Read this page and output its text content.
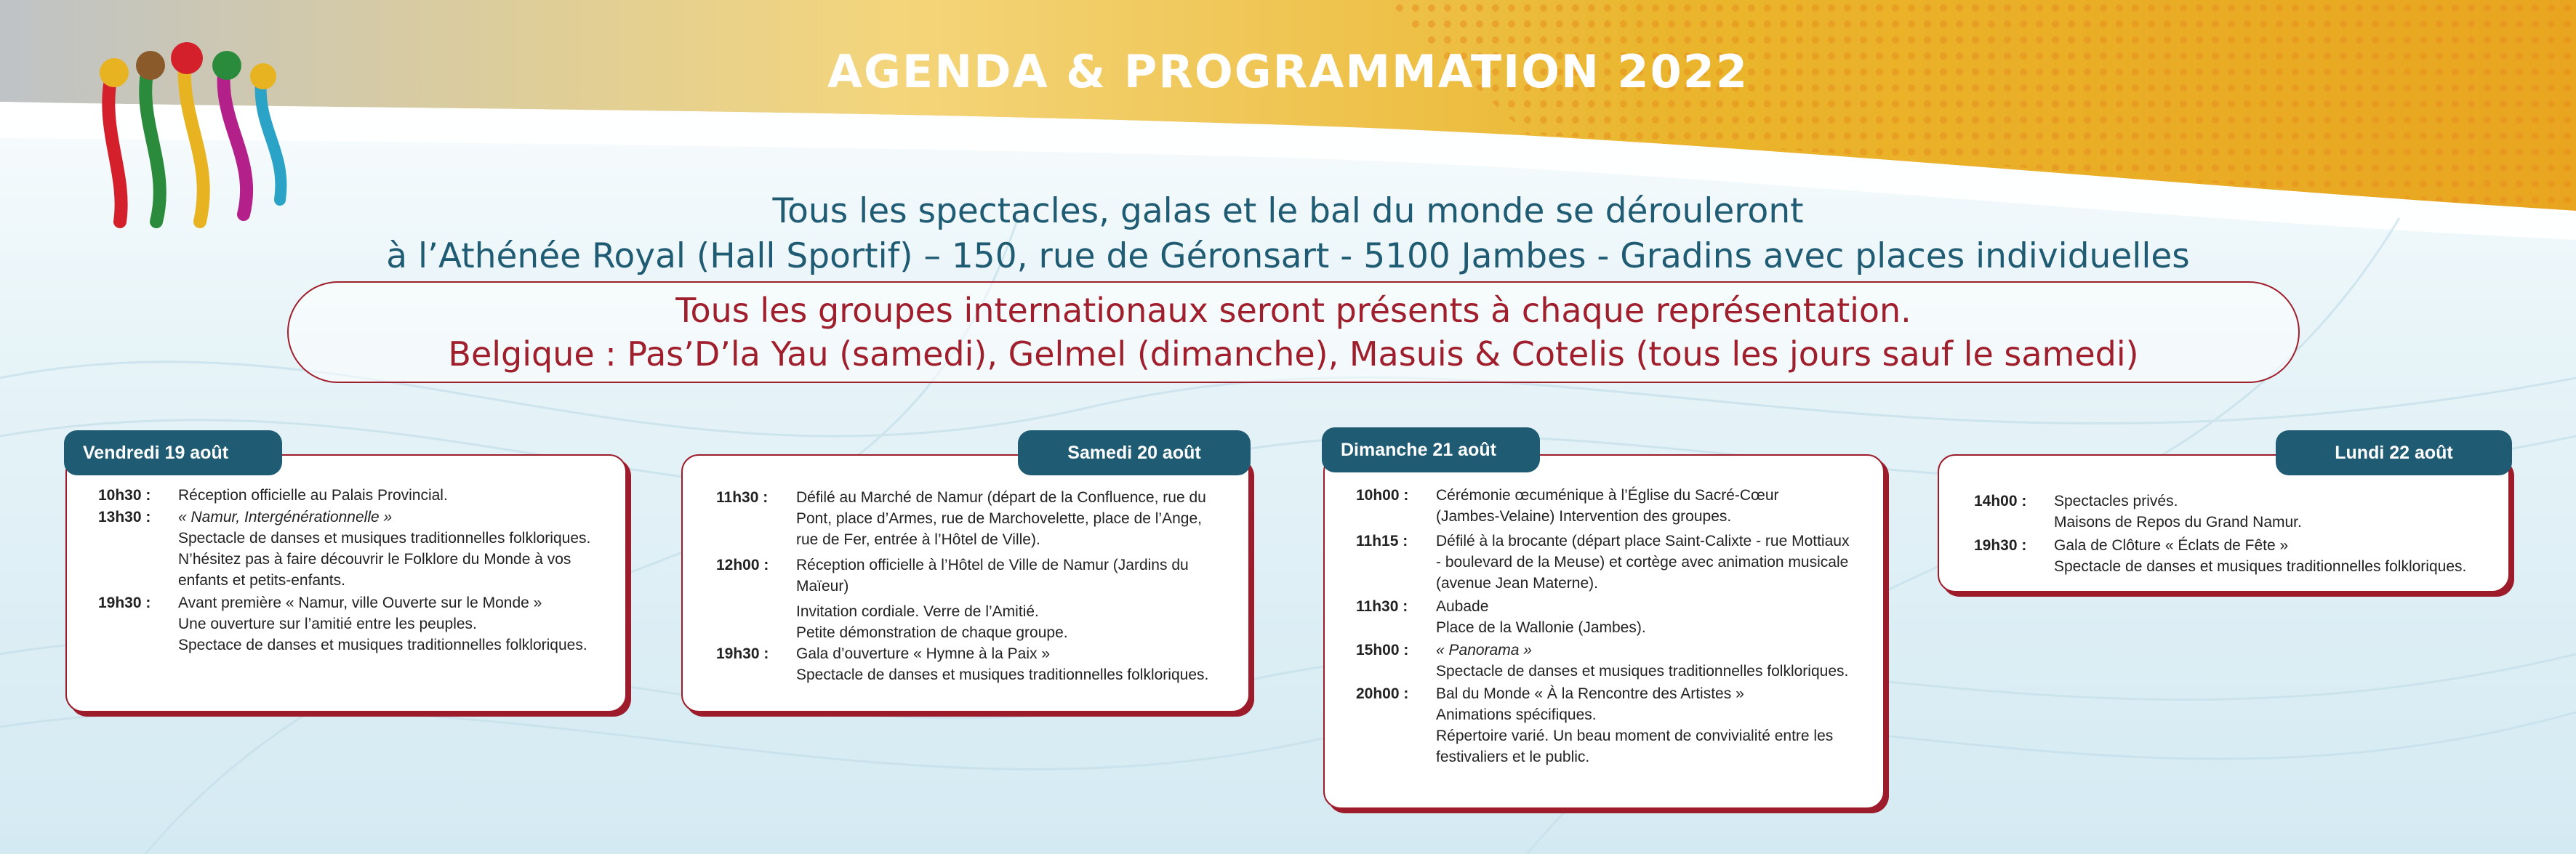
AGENDA & PROGRAMMATION 2022
Tous les spectacles, galas et le bal du monde se dérouleront
à l’Athénée Royal (Hall Sportif) – 150, rue de Géronsart - 5100 Jambes - Gradins avec places individuelles
Tous les groupes internationaux seront présents à chaque représentation.
Belgique : Pas’D’la Yau (samedi), Gelmel (dimanche), Masuis & Cotelis (tous les jours sauf le samedi)
Vendredi 19 août
10h30 :	Réception officielle au Palais Provincial.

13h30 :	« Namur, Intergénérationnelle »

Spectacle de danses et musiques traditionnelles folkloriques.

N’hésitez pas à faire découvrir le Folklore du Monde à vos

enfants et petits-enfants.

19h30 :	Avant première « Namur, ville Ouverte sur le Monde »

Une ouverture sur l’amitié entre les peuples.

Spectace de danses et musiques traditionnelles folkloriques.

Samedi 20 août
11h30 :	Défilé au Marché de Namur (départ de la Confluence, rue du

Pont, place d’Armes, rue de Marchovelette, place de l’Ange,

rue de Fer, entrée à l’Hôtel de Ville).

12h00 :	Réception officielle à l’Hôtel de Ville de Namur (Jardins du

Maïeur)

Invitation cordiale. Verre de l’Amitié.

Petite démonstration de chaque groupe.

19h30 :	Gala d’ouverture « Hymne à la Paix »

Spectacle de danses et musiques traditionnelles folkloriques.

Dimanche 21 août
10h00 :	Cérémonie œcuménique à l’Église du Sacré-Cœur

(Jambes-Velaine) Intervention des groupes.

11h15 :	Défilé à la brocante (départ place Saint-Calixte - rue Mottiaux

- boulevard de la Meuse) et cortège avec animation musicale

(avenue Jean Materne).

11h30 :	Aubade

Place de la Wallonie (Jambes).

15h00 :	« Panorama »

Spectacle de danses et musiques traditionnelles folkloriques.

20h00 :	Bal du Monde « À la Rencontre des Artistes »

Animations spécifiques.

Répertoire varié. Un beau moment de convivialité entre les

festivaliers et le public.

Lundi 22 août
14h00 :	Spectacles privés.

Maisons de Repos du Grand Namur.

19h30 :	Gala de Clôture « Éclats de Fête »

Spectacle de danses et musiques traditionnelles folkloriques.
